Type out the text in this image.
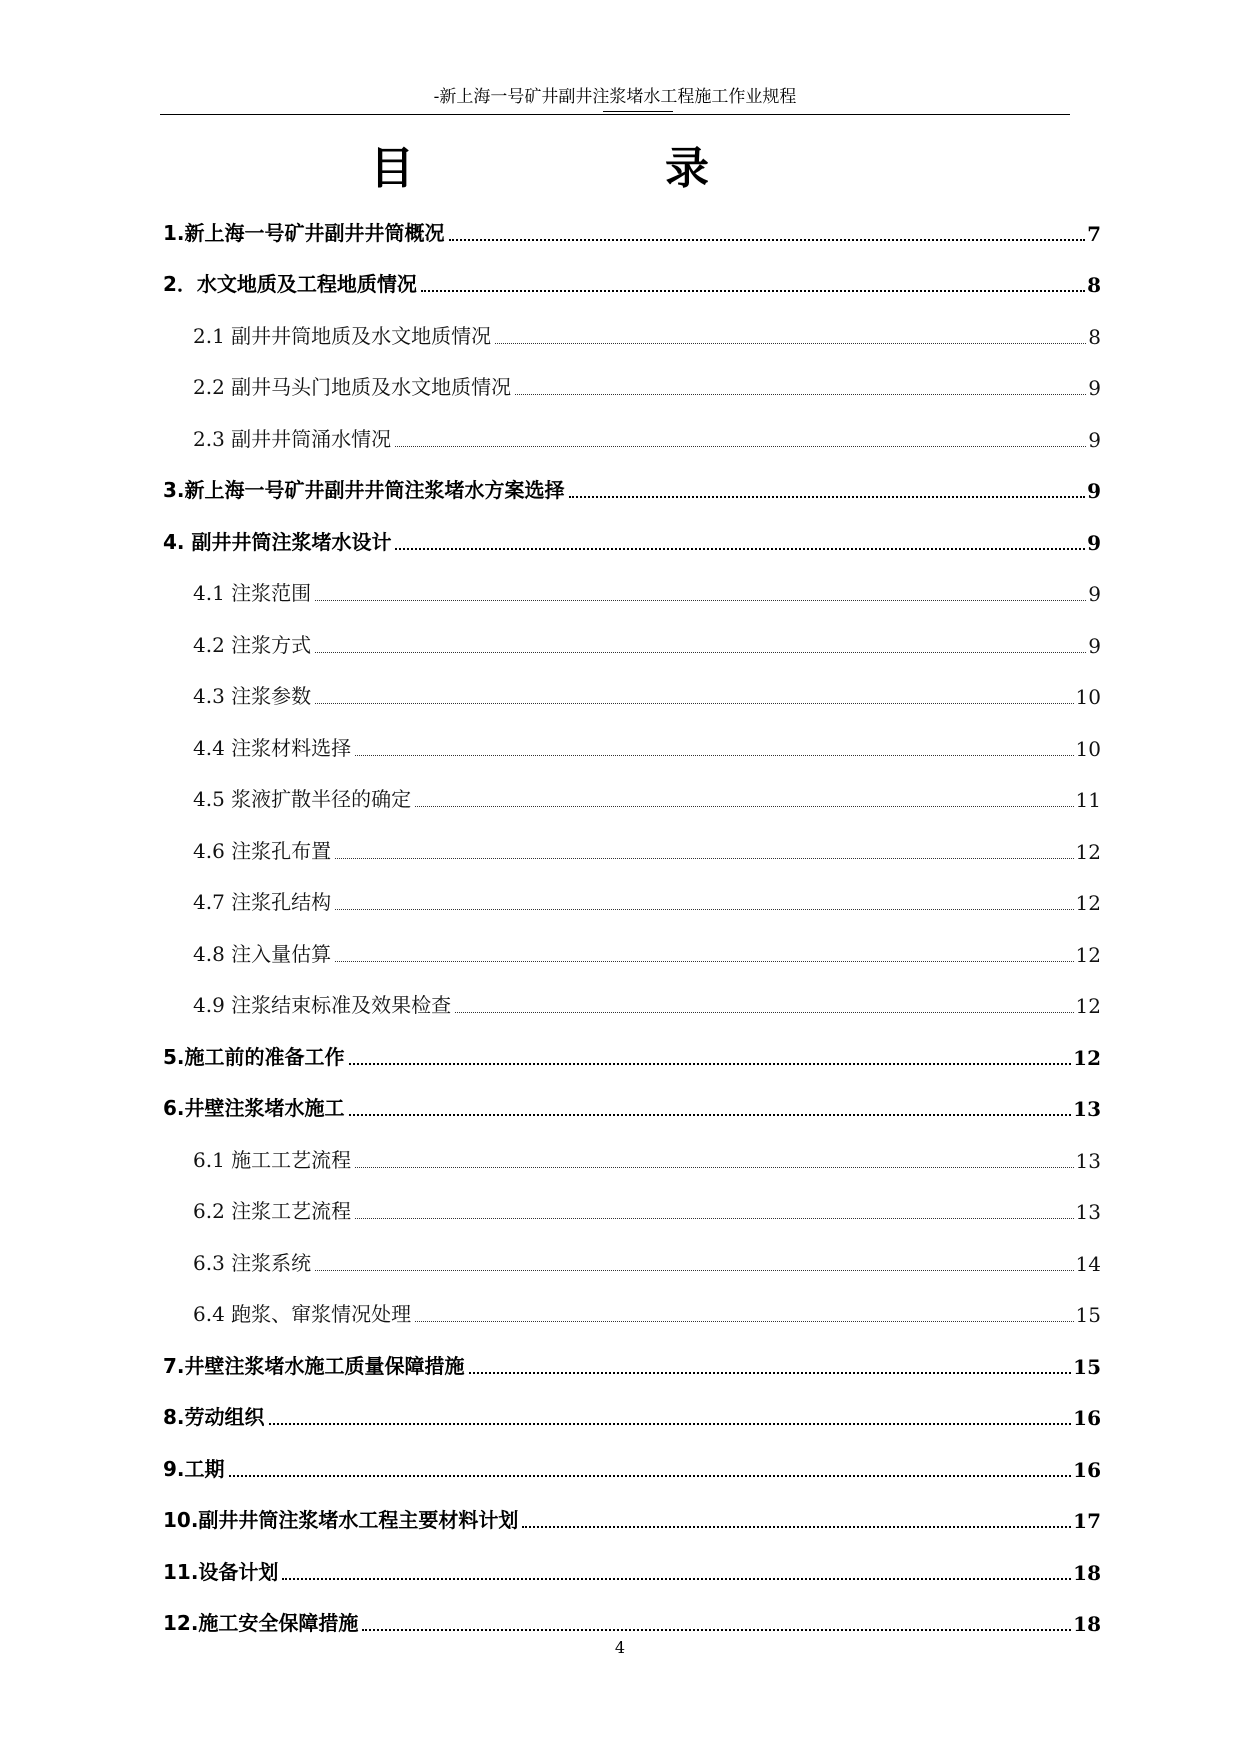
-新上海一号矿井副井注浆堵水工程施工作业规程
目	录
1.新上海一号矿井副井井筒概况	7
2．水文地质及工程地质情况	8
2.1 副井井筒地质及水文地质情况	8
2.2 副井马头门地质及水文地质情况	9
2.3 副井井筒涌水情况	9
3.新上海一号矿井副井井筒注浆堵水方案选择	9
4. 副井井筒注浆堵水设计	9
4.1 注浆范围	9
4.2 注浆方式	9
4.3 注浆参数	10
4.4 注浆材料选择	10
4.5 浆液扩散半径的确定	11
4.6 注浆孔布置	12
4.7 注浆孔结构	12
4.8 注入量估算	12
4.9 注浆结束标准及效果检查	12
5.施工前的准备工作	12
6.井壁注浆堵水施工	13
6.1 施工工艺流程	13
6.2 注浆工艺流程	13
6.3 注浆系统	14
6.4 跑浆、窜浆情况处理	15
7.井壁注浆堵水施工质量保障措施	15
8.劳动组织	16
9.工期	16
10.副井井筒注浆堵水工程主要材料计划	17
11.设备计划	18
12.施工安全保障措施	18
4
